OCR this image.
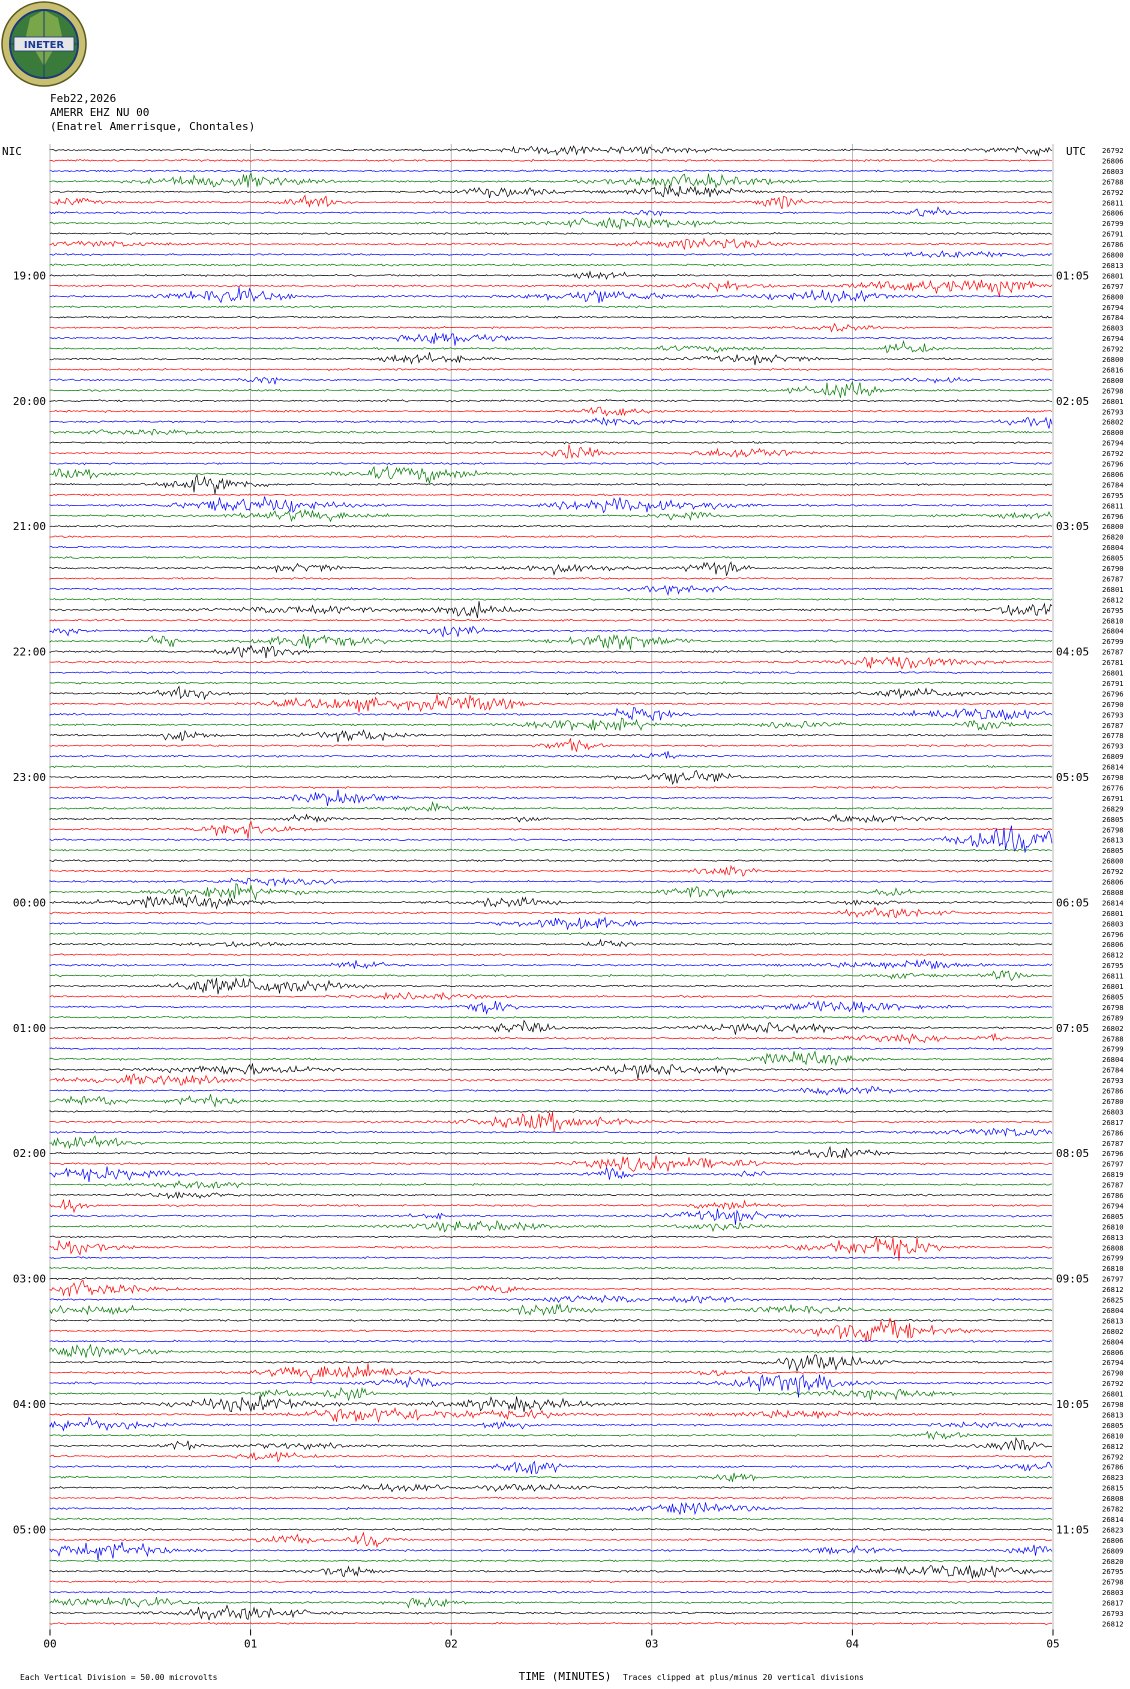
INETER
Feb22,2026
AMERR EHZ NU 00
(Enatrel Amerrisque, Chontales)
19:00
20:00
21:00
22:00
23:00
00:00
01:00
02:00
03:00
04:00
05:00
01:05
02:05
03:05
04:05
05:05
06:05
07:05
08:05
09:05
10:05
11:05
26792
26806
26803
26788
26792
26811
26806
26799
26791
26786
26800
26813
26801
26797
26800
26794
26784
26803
26794
26792
26800
26816
26800
26798
26801
26793
26802
26800
26794
26792
26796
26806
26784
26795
26811
26796
26800
26820
26804
26805
26790
26787
26801
26812
26795
26810
26804
26799
26787
26781
26801
26791
26796
26790
26793
26787
26778
26793
26809
26814
26798
26776
26791
26829
26805
26798
26813
26805
26800
26792
26806
26808
26814
26801
26803
26796
26806
26812
26795
26811
26801
26805
26798
26789
26802
26788
26799
26804
26784
26793
26786
26780
26803
26817
26786
26787
26796
26797
26819
26787
26786
26794
26805
26810
26813
26808
26799
26810
26797
26812
26825
26804
26813
26802
26804
26806
26794
26790
26792
26801
26798
26813
26805
26810
26812
26792
26786
26823
26815
26808
26782
26814
26823
26806
26809
26820
26795
26798
26803
26817
26793
26812
00	01	02	03	04	05
NIC	UTC
TIME (MINUTES)
Each Vertical Division = 50.00 microvolts	Traces clipped at plus/minus 20 vertical divisions
